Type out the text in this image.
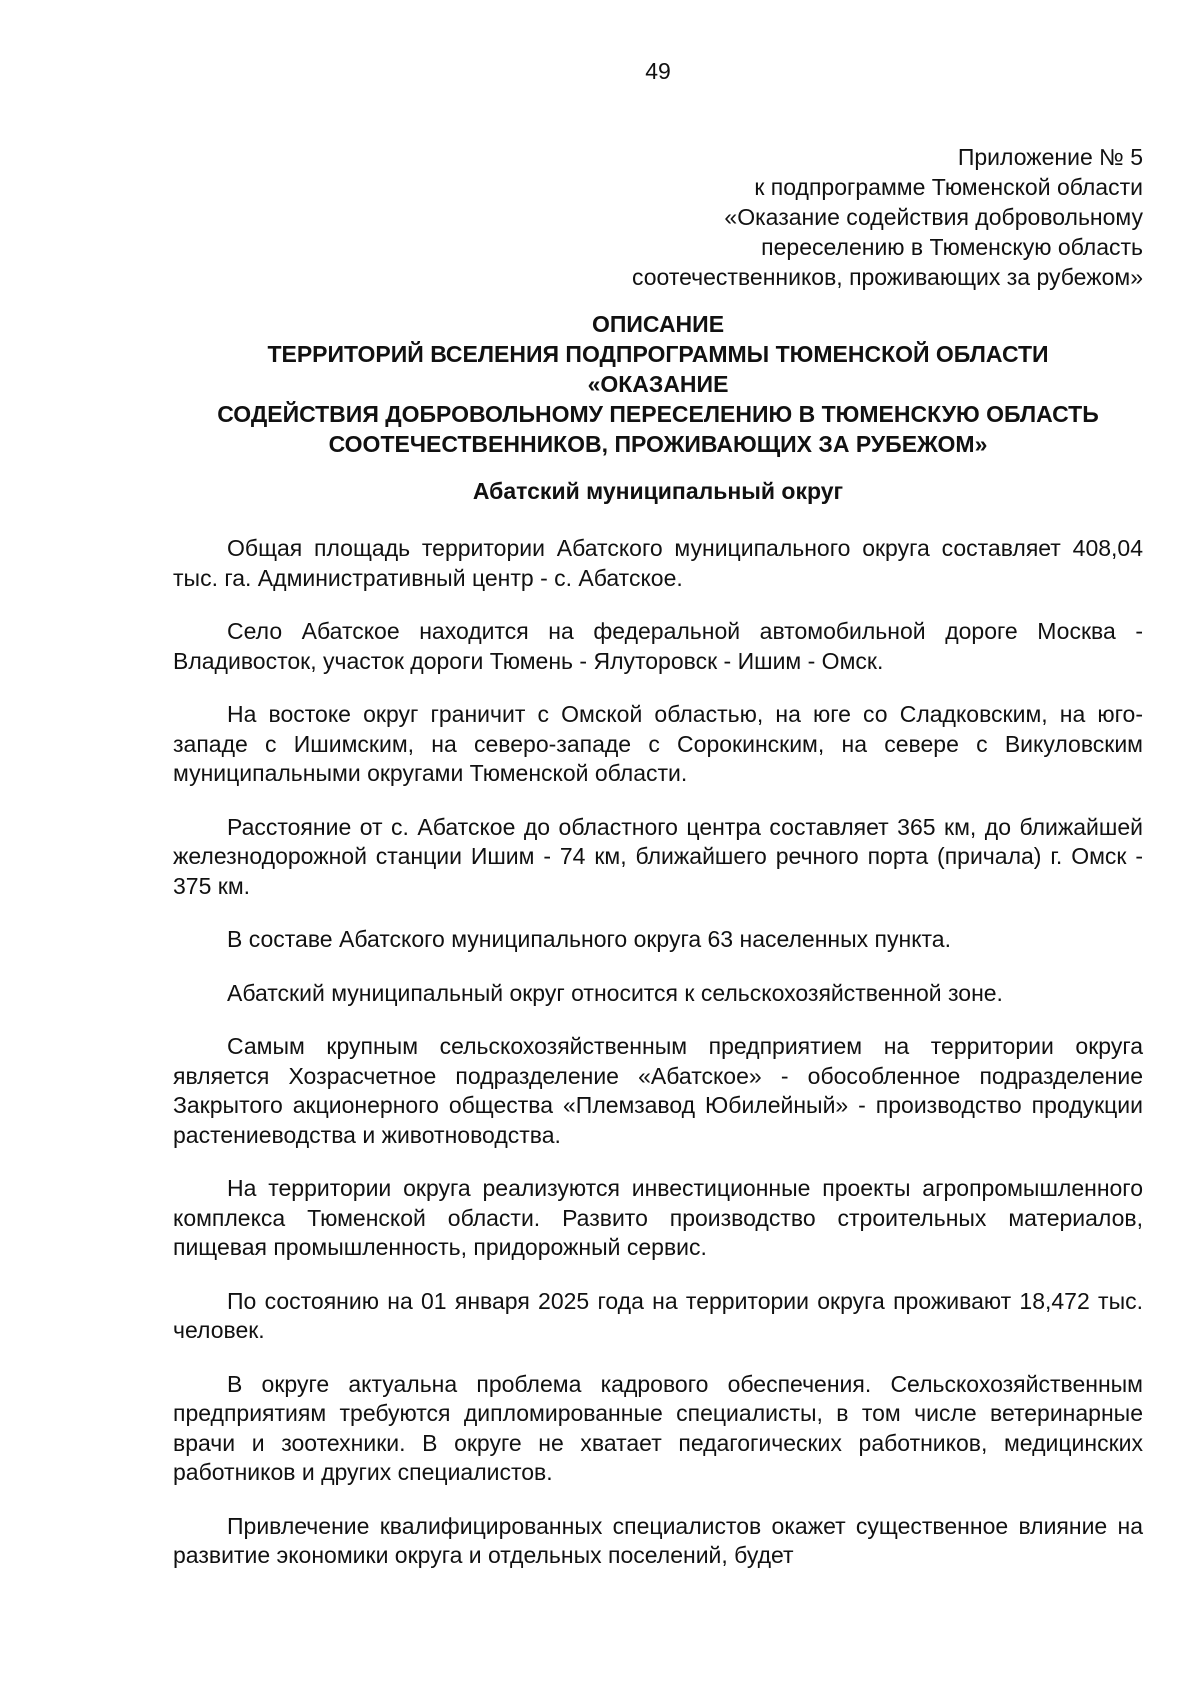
49
Приложение № 5
к подпрограмме Тюменской области
«Оказание содействия добровольному
переселению в Тюменскую область
соотечественников, проживающих за рубежом»
ОПИСАНИЕ
ТЕРРИТОРИЙ ВСЕЛЕНИЯ ПОДПРОГРАММЫ ТЮМЕНСКОЙ ОБЛАСТИ
«ОКАЗАНИЕ
СОДЕЙСТВИЯ ДОБРОВОЛЬНОМУ ПЕРЕСЕЛЕНИЮ В ТЮМЕНСКУЮ ОБЛАСТЬ
СООТЕЧЕСТВЕННИКОВ, ПРОЖИВАЮЩИХ ЗА РУБЕЖОМ»
Абатский муниципальный округ

Общая площадь территории Абатского муниципального округа составляет 408,04 тыс. га. Административный центр - с. Абатское.

Село Абатское находится на федеральной автомобильной дороге Москва - Владивосток, участок дороги Тюмень - Ялуторовск - Ишим - Омск.

На востоке округ граничит с Омской областью, на юге со Сладковским, на юго-западе с Ишимским, на северо-западе с Сорокинским, на севере с Викуловским муниципальными округами Тюменской области.

Расстояние от с. Абатское до областного центра составляет 365 км, до ближайшей железнодорожной станции Ишим - 74 км, ближайшего речного порта (причала) г. Омск - 375 км.

В составе Абатского муниципального округа 63 населенных пункта.

Абатский муниципальный округ относится к сельскохозяйственной зоне.

Самым крупным сельскохозяйственным предприятием на территории округа является Хозрасчетное подразделение «Абатское» - обособленное подразделение Закрытого акционерного общества «Племзавод Юбилейный» - производство продукции растениеводства и животноводства.

На территории округа реализуются инвестиционные проекты агропромышленного комплекса Тюменской области. Развито производство строительных материалов, пищевая промышленность, придорожный сервис.

По состоянию на 01 января 2025 года на территории округа проживают 18,472 тыс. человек.

В округе актуальна проблема кадрового обеспечения. Сельскохозяйственным предприятиям требуются дипломированные специалисты, в том числе ветеринарные врачи и зоотехники. В округе не хватает педагогических работников, медицинских работников и других специалистов.

Привлечение квалифицированных специалистов окажет существенное влияние на развитие экономики округа и отдельных поселений, будет
